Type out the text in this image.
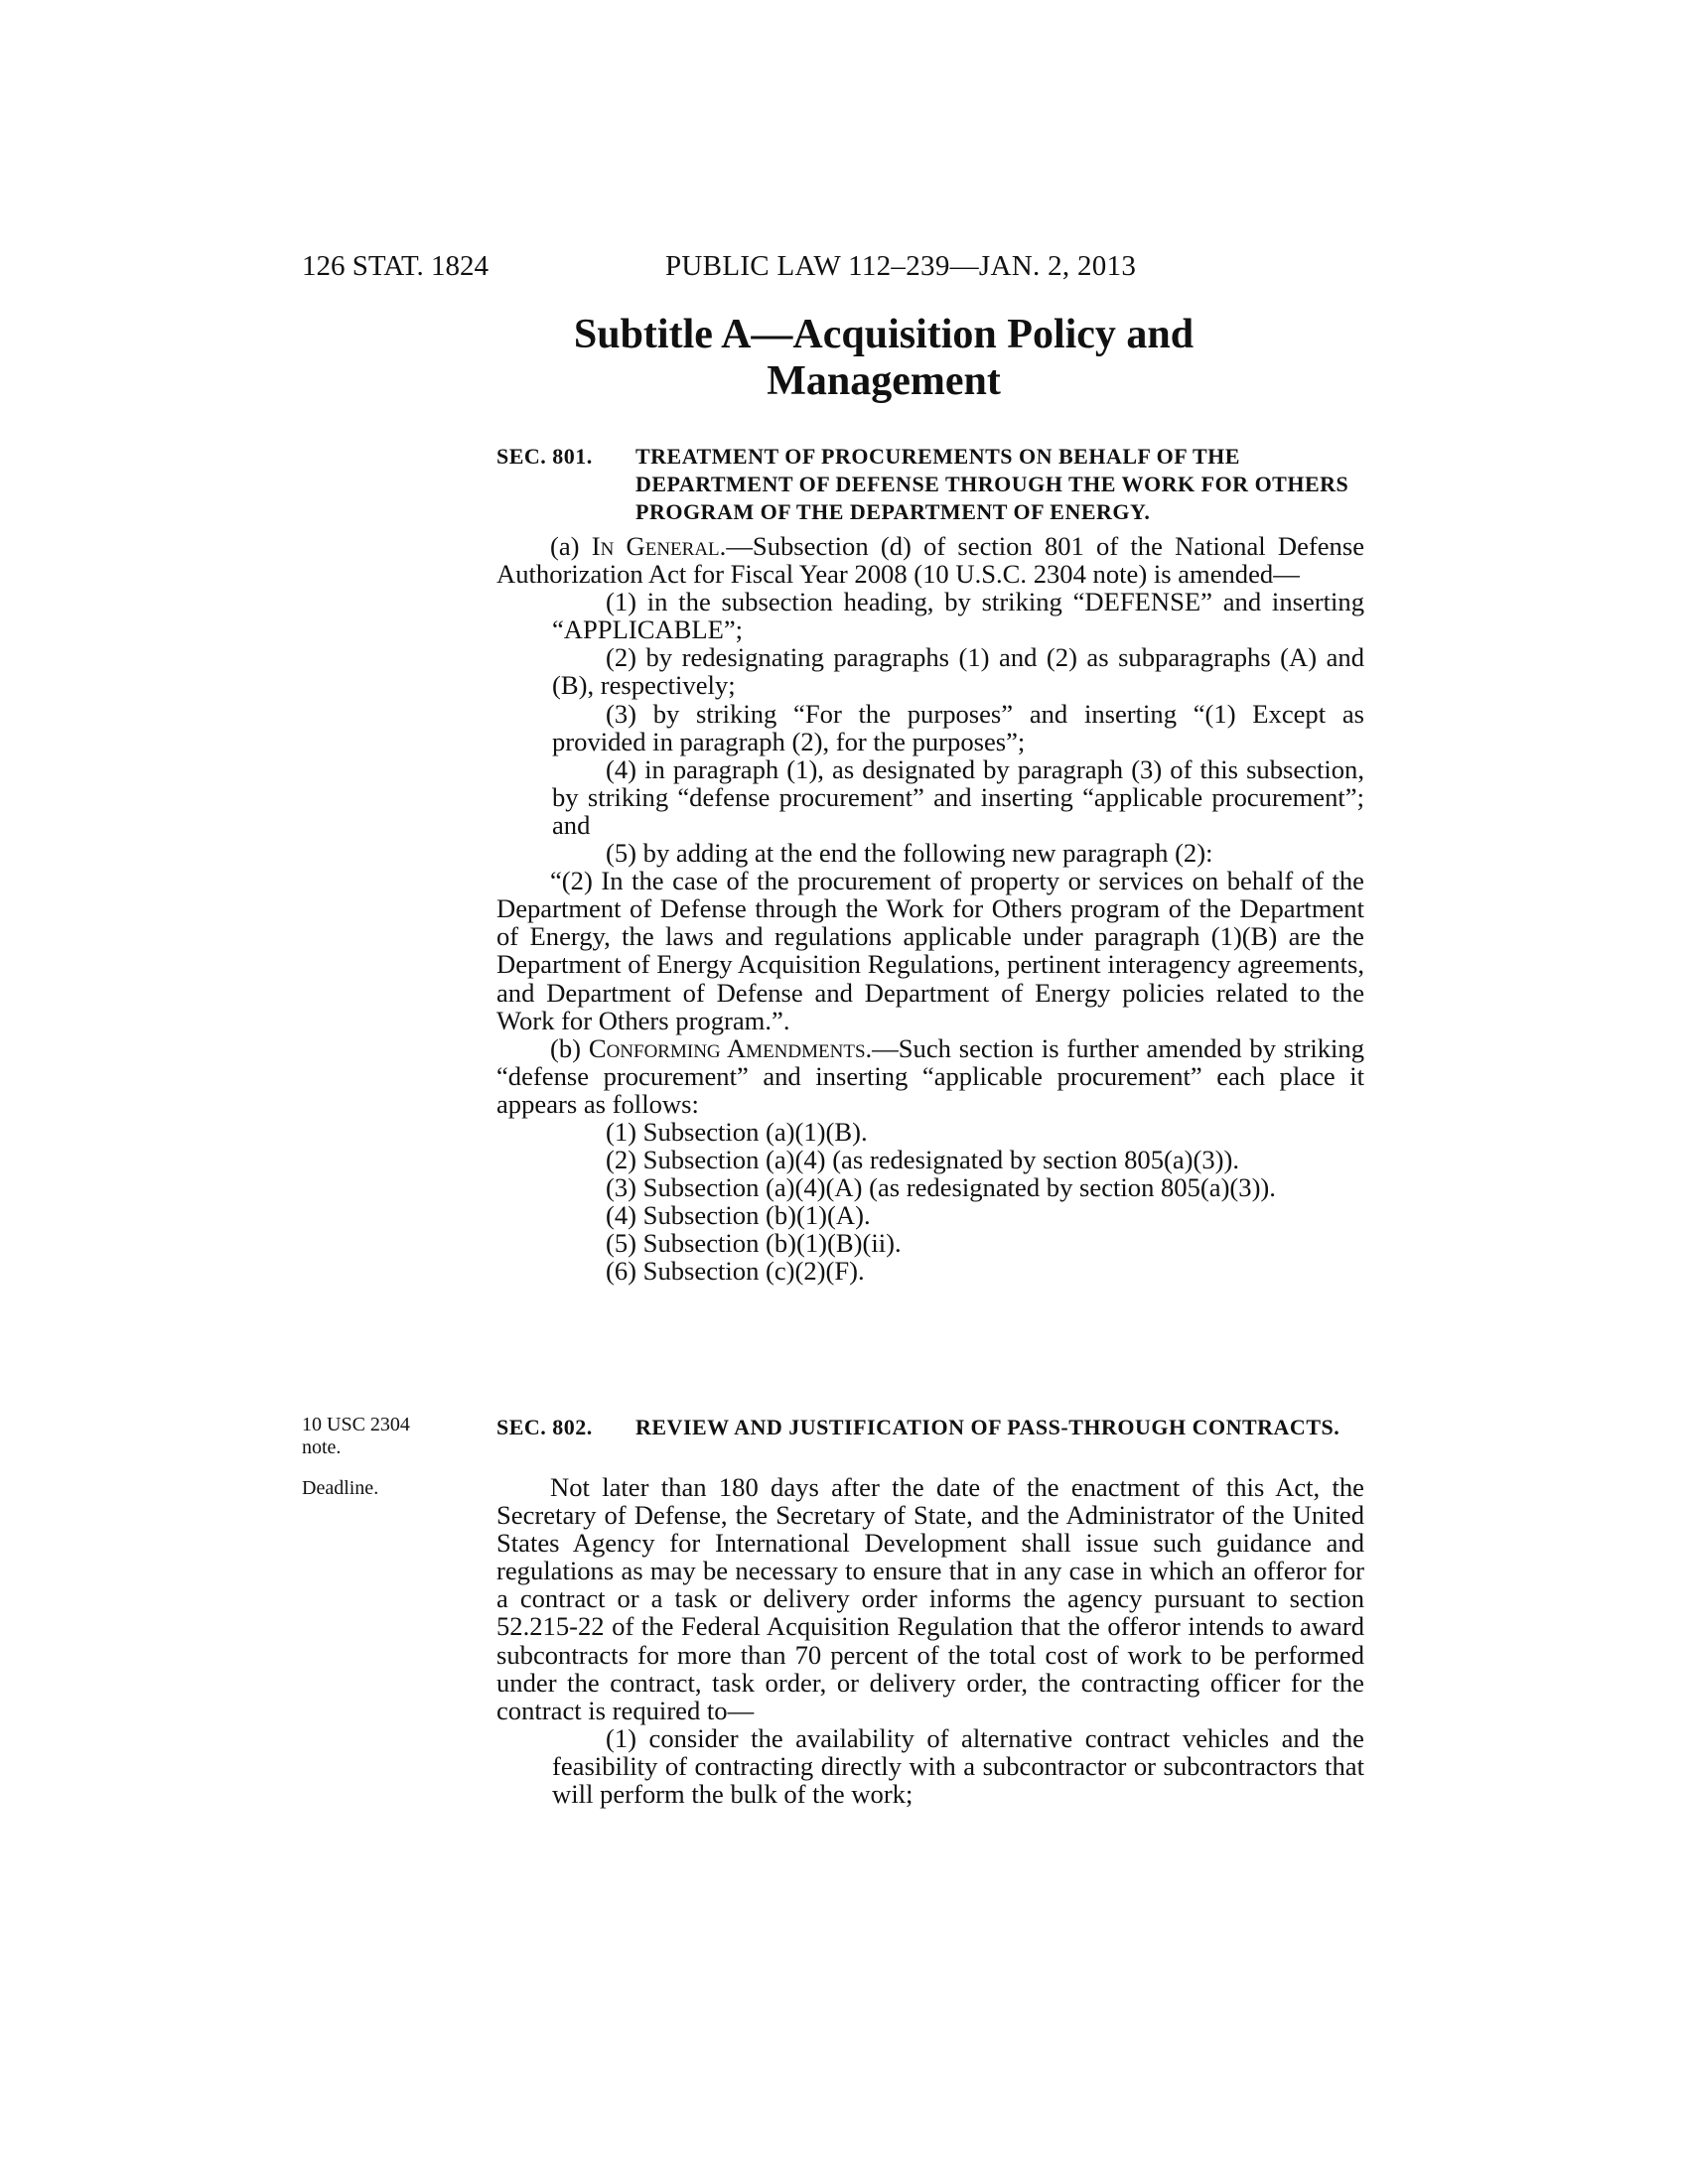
126 STAT. 1824	PUBLIC LAW 112–239—JAN. 2, 2013
Subtitle A—Acquisition Policy and
Management
SEC. 801.	TREATMENT OF PROCUREMENTS ON BEHALF OF THE DEPARTMENT OF DEFENSE THROUGH THE WORK FOR OTHERS PROGRAM OF THE DEPARTMENT OF ENERGY.

(a) In General.—Subsection (d) of section 801 of the National Defense Authorization Act for Fiscal Year 2008 (10 U.S.C. 2304 note) is amended—

(1) in the subsection heading, by striking “DEFENSE” and inserting “APPLICABLE”;

(2) by redesignating paragraphs (1) and (2) as subparagraphs (A) and (B), respectively;

(3) by striking “For the purposes” and inserting “(1) Except as provided in paragraph (2), for the purposes”;

(4) in paragraph (1), as designated by paragraph (3) of this subsection, by striking “defense procurement” and inserting “applicable procurement”; and

(5) by adding at the end the following new paragraph (2):

“(2) In the case of the procurement of property or services on behalf of the Department of Defense through the Work for Others program of the Department of Energy, the laws and regulations applicable under paragraph (1)(B) are the Department of Energy Acquisition Regulations, pertinent interagency agreements, and Department of Defense and Department of Energy policies related to the Work for Others program.”.

(b) Conforming Amendments.—Such section is further amended by striking “defense procurement” and inserting “applicable procurement” each place it appears as follows:

(1) Subsection (a)(1)(B).

(2) Subsection (a)(4) (as redesignated by section 805(a)(3)).

(3) Subsection (a)(4)(A) (as redesignated by section 805(a)(3)).

(4) Subsection (b)(1)(A).

(5) Subsection (b)(1)(B)(ii).

(6) Subsection (c)(2)(F).

10 USC 2304 note.
Deadline.
SEC. 802.	REVIEW AND JUSTIFICATION OF PASS-THROUGH CONTRACTS.

Not later than 180 days after the date of the enactment of this Act, the Secretary of Defense, the Secretary of State, and the Administrator of the United States Agency for International Development shall issue such guidance and regulations as may be necessary to ensure that in any case in which an offeror for a contract or a task or delivery order informs the agency pursuant to section 52.215-22 of the Federal Acquisition Regulation that the offeror intends to award subcontracts for more than 70 percent of the total cost of work to be performed under the contract, task order, or delivery order, the contracting officer for the contract is required to—

(1) consider the availability of alternative contract vehicles and the feasibility of contracting directly with a subcontractor or subcontractors that will perform the bulk of the work;
